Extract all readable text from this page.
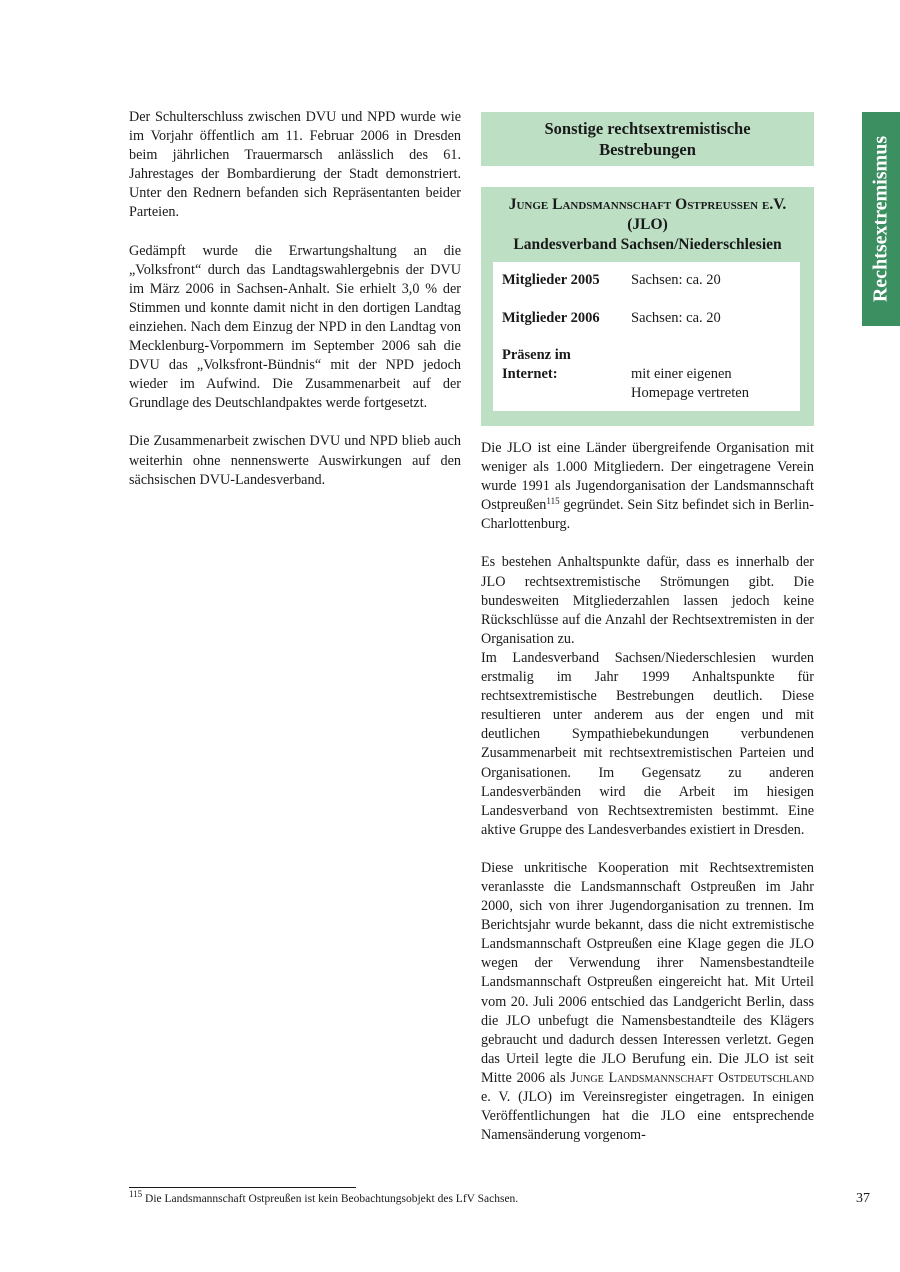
Rechtsextremismus

Der Schulterschluss zwischen DVU und NPD wurde wie im Vorjahr öffentlich am 11. Februar 2006 in Dresden beim jährlichen Trauermarsch anlässlich des 61. Jahrestages der Bombardierung der Stadt demonstriert. Unter den Rednern befanden sich Repräsentanten beider Parteien.

Gedämpft wurde die Erwartungshaltung an die „Volksfront“ durch das Landtagswahlergebnis der DVU im März 2006 in Sachsen-Anhalt. Sie erhielt 3,0 % der Stimmen und konnte damit nicht in den dortigen Landtag einziehen. Nach dem Einzug der NPD in den Landtag von Mecklenburg-Vorpommern im September 2006 sah die DVU das „Volksfront-Bündnis“ mit der NPD jedoch wieder im Aufwind. Die Zusammenarbeit auf der Grundlage des Deutschlandpaktes werde fortgesetzt.

Die Zusammenarbeit zwischen DVU und NPD blieb auch weiterhin ohne nennenswerte Auswirkungen auf den sächsischen DVU-Landesverband.

Sonstige rechtsextremistische
Bestrebungen
Junge Landsmannschaft Ostpreußen e.V.
(JLO)
Landesverband Sachsen/Niederschlesien
Mitglieder 2005	Sachsen: ca. 20
Mitglieder 2006	Sachsen: ca. 20
Präsenz im
Internet:	mit einer eigenen
Homepage vertreten

Die JLO ist eine Länder übergreifende Organisation mit weniger als 1.000 Mitgliedern. Der eingetragene Verein wurde 1991 als Jugendorganisation der Landsmannschaft Ostpreußen$^{115}$ gegründet. Sein Sitz befindet sich in Berlin-Charlottenburg.

Es bestehen Anhaltspunkte dafür, dass es innerhalb der JLO rechtsextremistische Strömungen gibt. Die bundesweiten Mitgliederzahlen lassen jedoch keine Rückschlüsse auf die Anzahl der Rechtsextremisten in der Organisation zu.

Im Landesverband Sachsen/Niederschlesien wurden erstmalig im Jahr 1999 Anhaltspunkte für rechtsextremistische Bestrebungen deutlich. Diese resultieren unter anderem aus der engen und mit deutlichen Sympathiebekundungen verbundenen Zusammenarbeit mit rechtsextremistischen Parteien und Organisationen. Im Gegensatz zu anderen Landesverbänden wird die Arbeit im hiesigen Landesverband von Rechtsextremisten bestimmt. Eine aktive Gruppe des Landesverbandes existiert in Dresden.

Diese unkritische Kooperation mit Rechtsextremisten veranlasste die Landsmannschaft Ostpreußen im Jahr 2000, sich von ihrer Jugendorganisation zu trennen. Im Berichtsjahr wurde bekannt, dass die nicht extremistische Landsmannschaft Ostpreußen eine Klage gegen die JLO wegen der Verwendung ihrer Namensbestandteile Landsmannschaft Ostpreußen eingereicht hat. Mit Urteil vom 20. Juli 2006 entschied das Landgericht Berlin, dass die JLO unbefugt die Namensbestandteile des Klägers gebraucht und dadurch dessen Interessen verletzt. Gegen das Urteil legte die JLO Berufung ein. Die JLO ist seit Mitte 2006 als Junge Landsmannschaft Ostdeutschland e. V. (JLO) im Vereinsregister eingetragen. In einigen Veröffentlichungen hat die JLO eine entsprechende Namensänderung vorgenom-

$^{115}$ Die Landsmannschaft Ostpreußen ist kein Beobachtungsobjekt des LfV Sachsen.	37
